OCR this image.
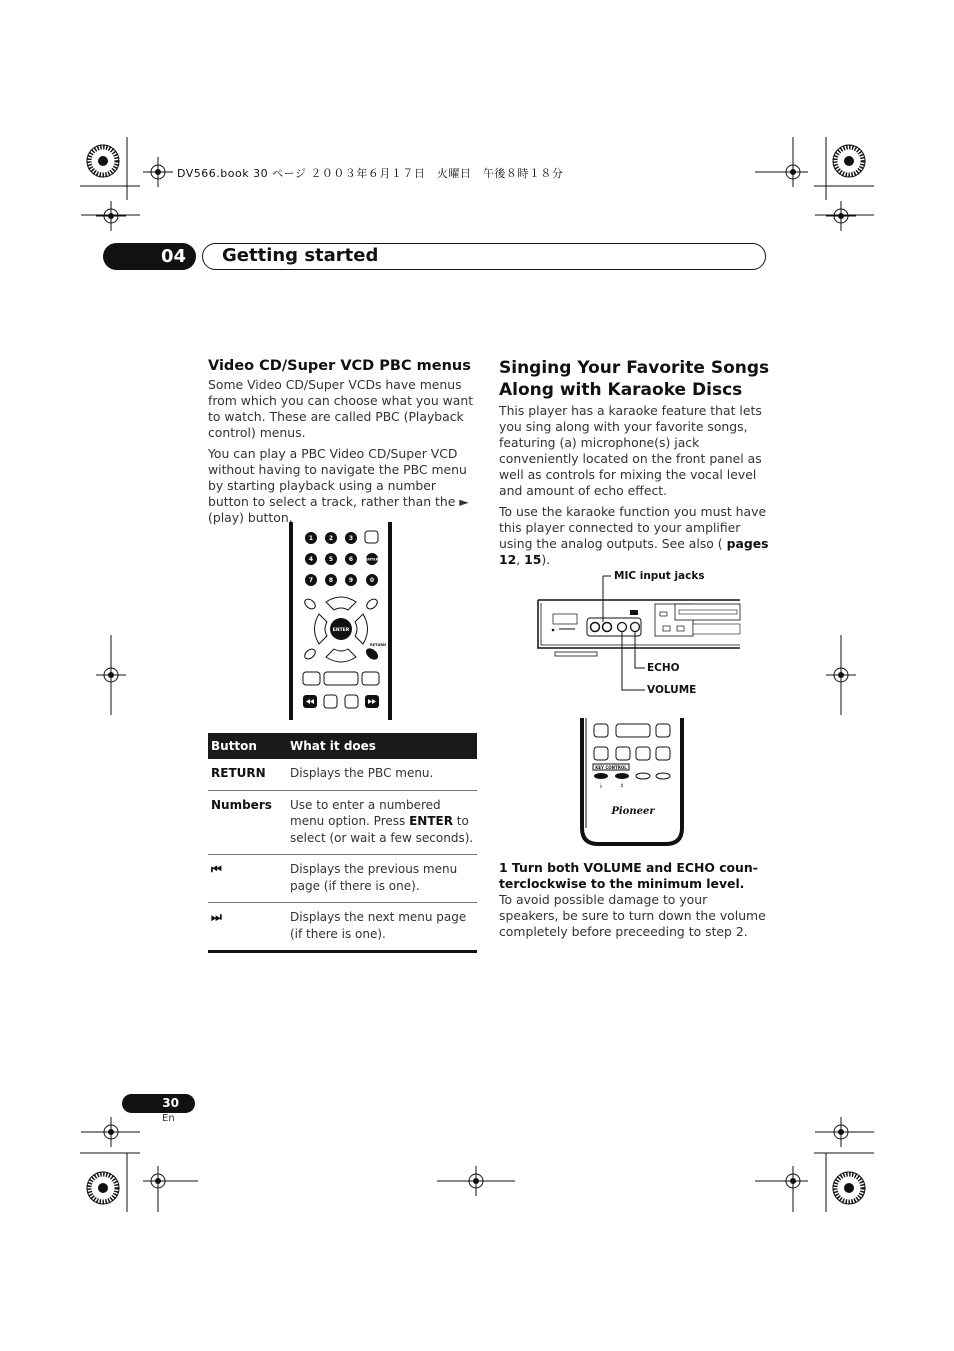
DV566.book 30 ページ ２００３年６月１７日　火曜日　午後８時１８分
04	Getting started
Video CD/Super VCD PBC menus

Some Video CD/Super VCDs have menus from which you can choose what you want to watch. These are called PBC (Playback control) menus.

You can play a PBC Video CD/Super VCD without having to navigate the PBC menu by starting playback using a number button to select a track, rather than the ► (play) button.

1	2	3
4	5	6
7	8	9	0
ENTER
ENTER
RETURN
Button	What it does
RETURN	Displays the PBC menu.
Numbers	Use to enter a numbered menu option. Press ENTER to select (or wait a few seconds).
⏮	Displays the previous menu page (if there is one).
⏭	Displays the next menu page (if there is one).
Singing Your Favorite Songs Along with Karaoke Discs

This player has a karaoke feature that lets you sing along with your favorite songs, featuring (a) microphone(s) jack conveniently located on the front panel as well as controls for mixing the vocal level and amount of echo effect.

To use the karaoke function you must have this player connected to your amplifier using the analog outputs. See also ( pages 12, 15).

MIC input jacks
ECHO
VOLUME
KEY CONTROL
♭	♯
Pioneer
1 Turn both VOLUME and ECHO coun-terclockwise to the minimum level.

To avoid possible damage to your speakers, be sure to turn down the volume completely before preceeding to step 2.

30
En
